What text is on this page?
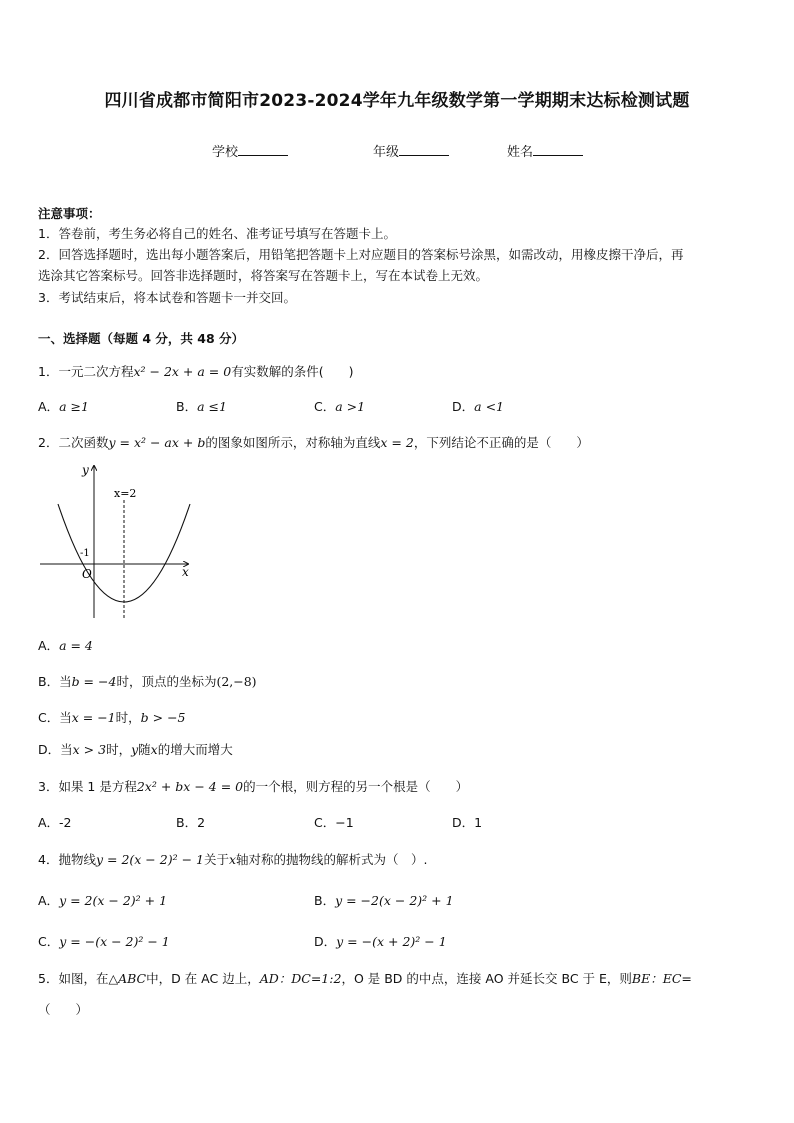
四川省成都市简阳市2023-2024学年九年级数学第一学期期末达标检测试题
学校	年级	姓名
注意事项：
1．答卷前，考生务必将自己的姓名、准考证号填写在答题卡上。
2．回答选择题时，选出每小题答案后，用铅笔把答题卡上对应题目的答案标号涂黑，如需改动，用橡皮擦干净后，再
选涂其它答案标号。回答非选择题时，将答案写在答题卡上，写在本试卷上无效。
3．考试结束后，将本试卷和答题卡一并交回。
一、选择题（每题 4 分，共 48 分）
1．一元二次方程x² − 2x + a = 0有实数解的条件(　　)
A．a ≥1	B．a ≤1	C．a >1	D．a <1
2．二次函数y = x² − ax + b的图象如图所示，对称轴为直线x = 2，下列结论不正确的是（　　）
y
x
x=2
-1
O
A．a = 4
B．当b = −4时，顶点的坐标为(2,−8)
C．当x = −1时，b > −5
D．当x > 3时，y随x的增大而增大
3．如果 1 是方程2x² + bx − 4 = 0的一个根，则方程的另一个根是（　　）
A．-2	B．2	C．−1	D．1
4．抛物线y = 2(x − 2)² − 1关于x轴对称的抛物线的解析式为（　）.
A．y = 2(x − 2)² + 1	B．y = −2(x − 2)² + 1
C．y = −(x − 2)² − 1	D．y = −(x + 2)² − 1
5．如图，在△ABC中，D 在 AC 边上，AD：DC=1:2，O 是 BD 的中点，连接 AO 并延长交 BC 于 E，则BE：EC=
（　　）
